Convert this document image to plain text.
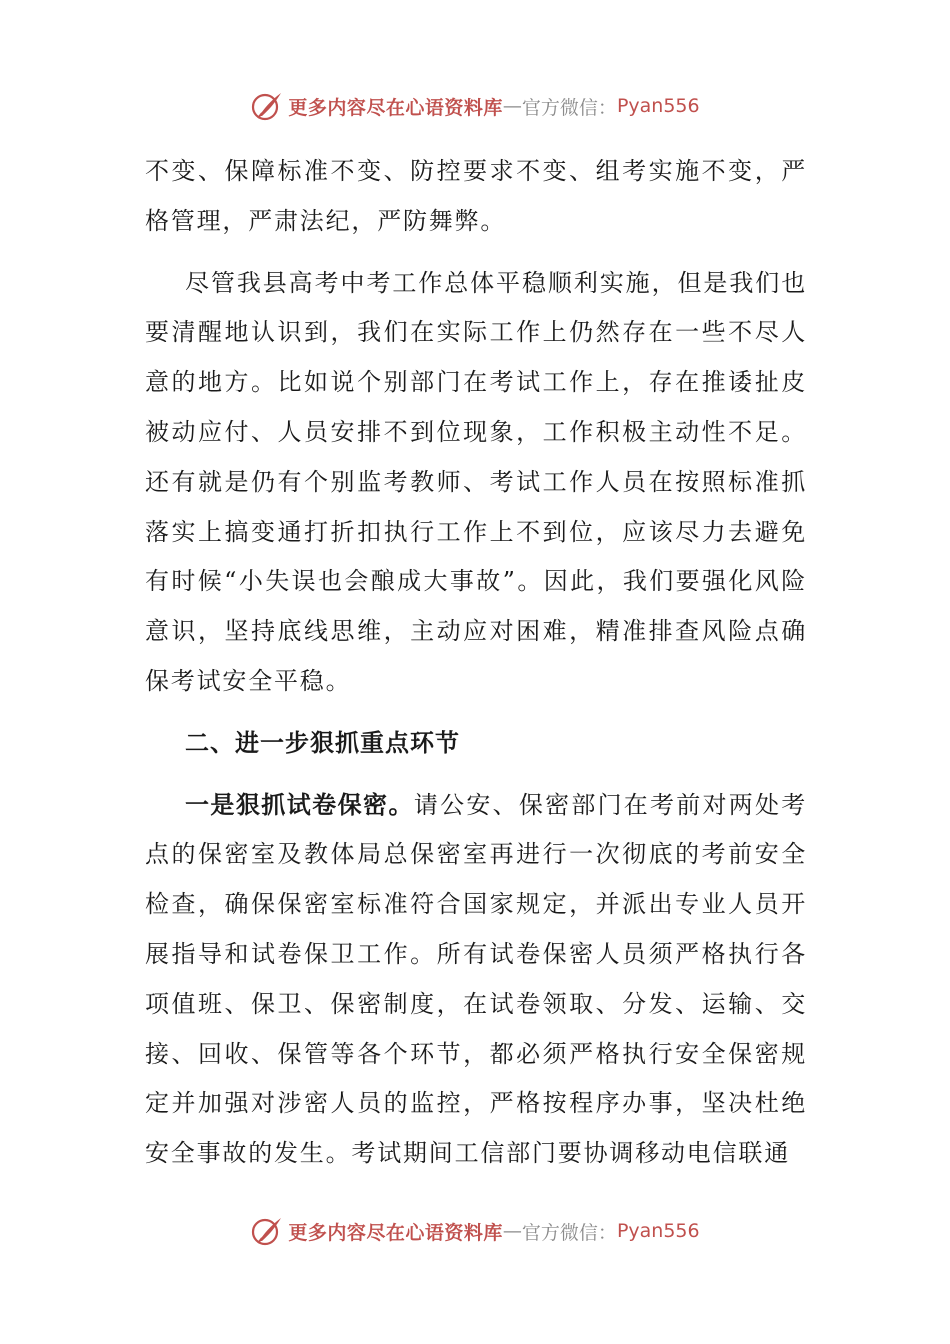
更多内容尽在心语资料库 — 官方微信： Pyan556

不变、保障标准不变、防控要求不变、组考实施不变，严格管理，严肃法纪，严防舞弊。

尽管我县高考中考工作总体平稳顺利实施，但是我们也要清醒地认识到，我们在实际工作上仍然存在一些不尽人意的地方。比如说个别部门在考试工作上，存在推诿扯皮被动应付、人员安排不到位现象，工作积极主动性不足。还有就是仍有个别监考教师、考试工作人员在按照标准抓落实上搞变通打折扣执行工作上不到位，应该尽力去避免有时候“小失误也会酿成大事故”。因此，我们要强化风险意识，坚持底线思维，主动应对困难，精准排查风险点确保考试安全平稳。

二、进一步狠抓重点环节

一是狠抓试卷保密。请公安、保密部门在考前对两处考点的保密室及教体局总保密室再进行一次彻底的考前安全检查，确保保密室标准符合国家规定，并派出专业人员开展指导和试卷保卫工作。所有试卷保密人员须严格执行各项值班、保卫、保密制度，在试卷领取、分发、运输、交接、回收、保管等各个环节，都必须严格执行安全保密规定并加强对涉密人员的监控，严格按程序办事，坚决杜绝安全事故的发生。考试期间工信部门要协调移动电信联通

更多内容尽在心语资料库 — 官方微信： Pyan556
